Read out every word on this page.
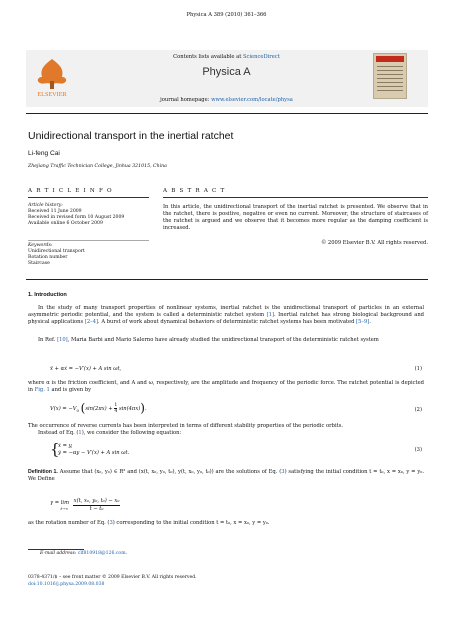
Physica A 389 (2010) 361–366
ELSEVIER
Contents lists available at ScienceDirect
Physica A
journal homepage: www.elsevier.com/locate/physa
Unidirectional transport in the inertial ratchet
Li-feng Cai
Zhejiang Traffic Technician College, Jinhua 321015, China
A R T I C L E I N F O	A B S T R A C T
Article history:
Received 11 June 2009
Received in revised form 10 August 2009
Available online 6 October 2009
Keywords:
Unidirectional transport
Rotation number
Staircase
In this article, the unidirectional transport of the inertial ratchet is presented. We observe that in the ratchet, there is positive, negative or even no current. Moreover, the structure of staircases of the ratchet is argued and we observe that it becomes more regular as the damping coefficient is increased.
© 2009 Elsevier B.V. All rights reserved.
1. Introduction
In the study of many transport properties of nonlinear systems, inertial ratchet is the unidirectional transport of particles in an external asymmetric periodic potential, and the system is called a deterministic ratchet system [1]. Inertial ratchet has strong biological background and physical applications [2–4]. A burst of work about dynamical behaviors of deterministic ratchet systems has been motivated [5–9].
In Ref. [10], Maria Barbi and Mario Salerno have already studied the unidirectional transport of the deterministic ratchet system
ẍ + αẋ = −V′(x) + A sin ωt,	(1)
where α is the friction coefficient, and A and ω, respectively, are the amplitude and frequency of the periodic force. The ratchet potential is depicted in Fig. 1 and is given by
$V(x) = -V_0$ $(\sin(2\pi x) + \frac{1}{4} \sin(4\pi x))$.	(2)
The occurrence of reverse currents has been interpreted in terms of different stability properties of the periodic orbits.
Instead of Eq. (1), we consider the following equation:
{
ẋ = y,
ẏ = −αy − V′(x) + A sin ωt.	(3)
Definition 1. Assume that (x₀, y₀) ∈ R² and (x(t, x₀, y₀, t₀), y(t, x₀, y₀, t₀)) are the solutions of Eq. (3) satisfying the initial condition t = t₀, x = x₀, y = y₀. We Define
γ = lim
t→∞
$\frac{\text{x(t, x₀, y₀, t₀) − x₀}}{\text{t − t₀}}$
as the rotation number of Eq. (3) corresponding to the initial condition t = t₀, x = x₀, y = y₀.
E-mail address: clf810918@126.com.
0378-4371/$ – see front matter © 2009 Elsevier B.V. All rights reserved.
doi:10.1016/j.physa.2009.08.038
